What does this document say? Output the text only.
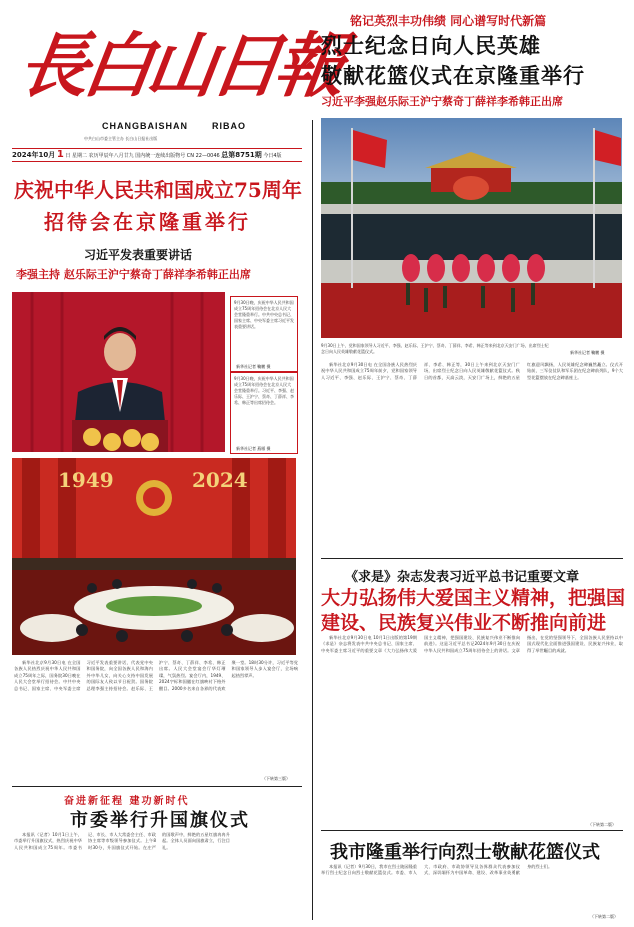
長白山日報
CHANGBAISHAN	RIBAO
中共白山市委主管主办 长白山日报社出版
2024年10月 1 日 星期二 农历甲辰年八月廿九 国内统一连续出版物号 CN 22—0046 总第8751期 今日4版
铭记英烈丰功伟绩 同心谱写时代新篇
烈士纪念日向人民英雄
敬献花篮仪式在京隆重举行
习近平李强赵乐际王沪宁蔡奇丁薛祥李希韩正出席
9月30日上午，党和国家领导人习近平、李强、赵乐际、王沪宁、蔡奇、丁薛祥、李希、韩正等来到北京天安门广场，出席烈士纪念日向人民英雄敬献花篮仪式。	新华社记者 鞠鹏 摄
庆祝中华人民共和国成立75周年
招待会在京隆重举行
习近平发表重要讲话
李强主持 赵乐际王沪宁蔡奇丁薛祥李希韩正出席
9月30日晚，庆祝中华人民共和国成立75周年招待会在北京人民大会堂隆重举行。中共中央总书记、国家主席、中央军委主席习近平发表重要讲话。
新华社记者 鞠鹏 摄
9月30日晚，庆祝中华人民共和国成立75周年招待会在北京人民大会堂隆重举行。习近平、李强、赵乐际、王沪宁、蔡奇、丁薛祥、李希、韩正等出席招待会。
新华社记者 燕雁 摄
1949	2024

新华社北京9月30日电 在全国各族人民热烈庆祝中华人民共和国成立75周年之际，国务院30日晚在人民大会堂举行招待会。中共中央总书记、国家主席、中央军委主席习近平发表重要讲话，代表党中央和国务院，向全国各族人民和海内外中华儿女，向关心支持中国发展的国际友人致以节日祝贺。国务院总理李强主持招待会。赵乐际、王沪宁、蔡奇、丁薛祥、李希、韩正出席。人民大会堂宴会厅华灯璀璨，气氛热烈。宴会厅内，1949、2024字标和国徽在红旗映衬下格外醒目。2000多名来自各界的代表欢聚一堂。18时30分许，习近平等党和国家领导人步入宴会厅，全场响起热烈掌声。

（下转第三版）
奋进新征程 建功新时代
市委举行升国旗仪式

本报讯（记者）10月1日上午，市委举行升国旗仪式，热烈庆祝中华人民共和国成立75周年。市委书记、市长、市人大常委会主任、市政协主席等市级领导参加仪式。上午8时30分，升国旗仪式开始。在庄严的国歌声中，鲜艳的五星红旗冉冉升起。全体人员面向国旗肃立，行注目礼。

新华社北京9月30日电 在全国各族人民热烈庆祝中华人民共和国成立75周年前夕，党和国家领导人习近平、李强、赵乐际、王沪宁、蔡奇、丁薛祥、李希、韩正等，30日上午来到北京天安门广场，出席烈士纪念日向人民英雄敬献花篮仪式。秋日的首都，天高云淡，天安门广场上，鲜艳的五星红旗迎风飘扬，人民英雄纪念碑巍然矗立。仪式开始前，三军仪仗队和军乐团在纪念碑前列队，9个大型花篮摆放在纪念碑基座上。

《求是》杂志发表习近平总书记重要文章
大力弘扬伟大爱国主义精神，把强国
建设、民族复兴伟业不断推向前进

新华社北京9月30日电 10月1日出版的第19期《求是》杂志将发表中共中央总书记、国家主席、中央军委主席习近平的重要文章《大力弘扬伟大爱国主义精神，把强国建设、民族复兴伟业不断推向前进》。这是习近平总书记2024年9月30日在庆祝中华人民共和国成立75周年招待会上的讲话。文章指出，在党的坚强领导下，全国各族人民坚持以中国式现代化全面推进强国建设、民族复兴伟业，取得了举世瞩目的成就。

（下转第二版）
我市隆重举行向烈士敬献花篮仪式

本报讯（记者）9月30日，我市在烈士陵园隆重举行烈士纪念日向烈士敬献花篮仪式。市委、市人大、市政府、市政协领导及各界群众代表参加仪式，深切缅怀为中国革命、建设、改革事业英勇献身的烈士们。

（下转第二版）
